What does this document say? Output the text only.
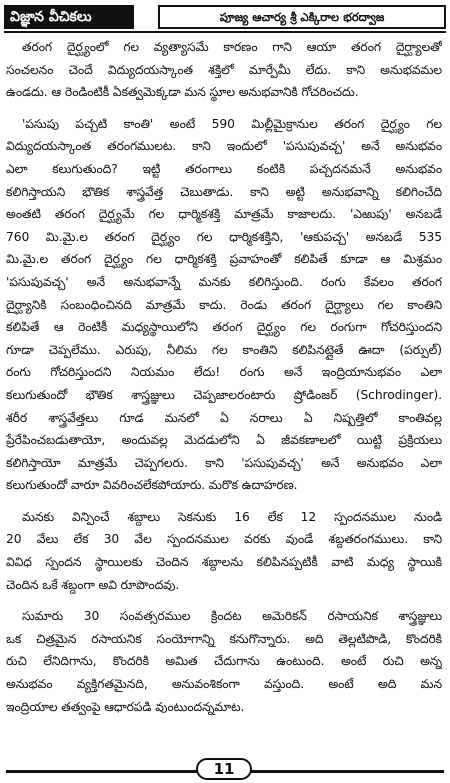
విజ్ఞాన వీచికలు	పూజ్య ఆచార్య శ్రీ ఎక్కిరాల భరద్వాజ
తరంగ దైర్ఘ్యంలో గల వ్యత్యాసమే కారణం గాని ఆయా తరంగ దైర్ఘ్యాలతో
సంచలనం చెందే విద్యుదయస్కాంత శక్తిలో మార్పేమీ లేదు. కాని అనుభవమల
ఉండదు. ఆ రెండింటికీ ఏకత్వమెక్కడా మన స్థూల అనుభవానికి గోచరించదు.
'పసుపు పచ్చటి కాంతి' అంటే 590 మిల్లీమైక్రానుల తరంగ దైర్ఘ్యం గల
విద్యుదయస్కాంత తరంగములట. కాని ఇందులో 'పసుపువచ్చ' అనే అనుభవం
ఎలా కలుగుతుంది? ఇట్టి తరంగాలు కంటికి పచ్చదనమనే అనుభవం
కలిగిస్తాయని భౌతిక శాస్త్రవేత్త చెబుతాడు. కాని అట్టి అనుభవాన్ని కలిగించేది
అంతటి తరంగ దైర్ఘ్యమే గల ధార్మికశక్తి మాత్రమే కాజాలదు. 'ఎఱుపు' అనబడే
760 మి.మై.ల తరంగ దైర్ఘ్యం గల ధార్మికశక్తిని, 'ఆకుపచ్చ' అనబడే 535
మి.మై.ల తరంగ దైర్ఘ్యం గల ధార్మికశక్తి ప్రవాహంతో కలిపితే కూడా ఆ మిశ్రమం
'పసుపువచ్చ' అనే అనుభవాన్నే మనకు కలిగిస్తుంది. రంగు కేవలం తరంగ
దైర్ఘ్యానికి సంబంధించినది మాత్రమే కాదు. రెండు తరంగ దైర్ఘ్యాలు గల కాంతిని
కలిపితే ఆ రెంటికీ మధ్యస్థాయిలోని తరంగ దైర్ఘ్యం గల రంగుగా గోచరిస్తుందని
గూడా చెప్పలేము. ఎరుపు, నీలిమ గల కాంతిని కలిపినట్లైతే ఊదా (పర్పుల్)
రంగు గోచరిస్తుందని నియమం లేదు! రంగు అనే ఇంద్రియానుభవం ఎలా
కలుగుతుందో భౌతిక శాస్త్రజ్ఞులు చెప్పజాలరంటారు ష్రోడింజర్ (Schrodinger).
శరీర శాస్త్రవేత్తలు గూడ మనలో ఏ నరాలు ఏ నిష్పత్తిలో కాంతివల్ల
ప్రేరేపించబడుతాయో, అందువల్ల మెదడులోని ఏ జీవకణాలలో యిట్టి ప్రక్రియలు
కలిగిస్తాయో మాత్రమే చెప్పగలరు. కాని 'పసుపువచ్చ' అనే అనుభవం ఎలా
కలుగుతుందో వారూ వివరించలేకపోయారు. మరొక ఉదాహరణ.
మనకు విన్పించే శబ్దాలు సెకనుకు 16 లేక 12 స్పందనముల నుండి
20 వేలు లేక 30 వేల స్పందనముల వరకు వుండే శబ్దతరంగములు. కాని
వివిధ స్పందన స్థాయిలకు చెందిన శబ్దాలను కలిపినప్పటికీ వాటి మధ్య స్థాయికి
చెందిన ఒకే శబ్దంగా అవి రూపొందవు.
సుమారు 30 సంవత్సరముల క్రిందట అమెరికన్ రసాయనిక శాస్త్రజ్ఞులు
ఒక చిత్రమైన రసాయనిక సంయోగాన్ని కనుగొన్నారు. అది తెల్లటిపొడి, కొందరికి
రుచి లేనిదిగాను, కొందరికి అమిత చేదుగాను ఉంటుంది. అంటే రుచి అన్న
అనుభవం వ్యక్తిగతమైనది, అనువంశికంగా వస్తుంది. అంటే అది మన
ఇంద్రియాల తత్వంపై ఆధారపడి వుంటుందన్నమాట.
11
